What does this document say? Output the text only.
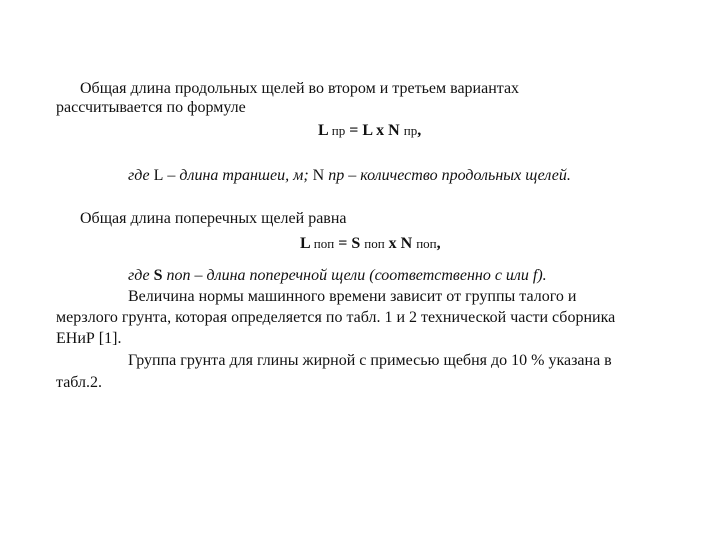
Общая длина продольных щелей во втором и третьем вариантах
рассчитывается по формуле
L пр = L x N пр,
где L – длина траншеи, м; N пр – количество продольных щелей.
Общая длина поперечных щелей равна
L поп = S поп x N поп,
где S поп – длина поперечной щели (соответственно с или f).
Величина нормы машинного времени зависит от группы талого и
мерзлого грунта, которая определяется по табл. 1 и 2 технической части сборника
ЕНиР [1].
Группа грунта для глины жирной с примесью щебня до 10 % указана в
табл.2.
